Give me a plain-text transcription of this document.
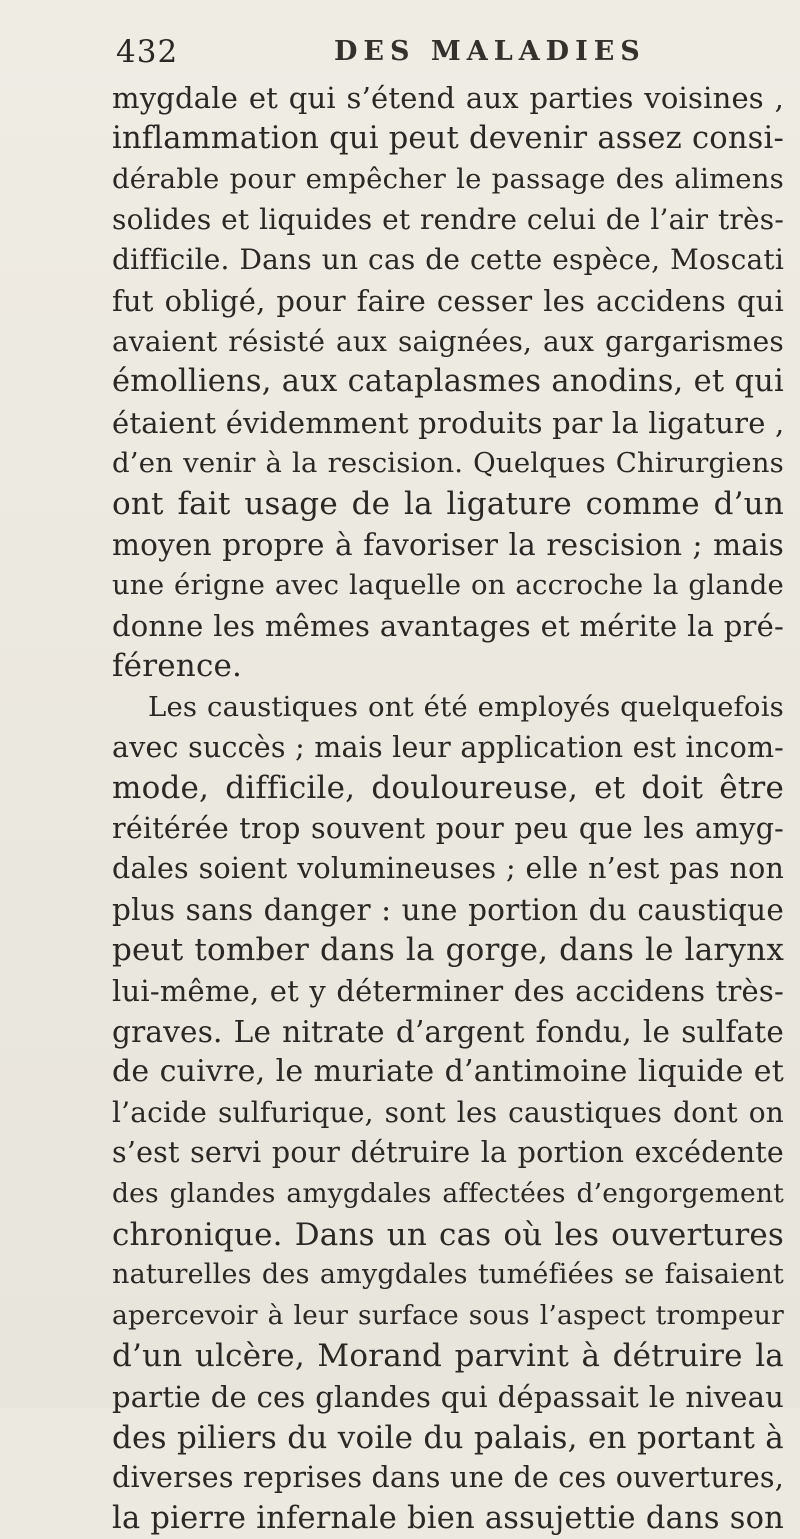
432	DES MALADIES
mygdale et qui s’étend aux parties voisines ,
inflammation qui peut devenir assez consi-
dérable pour empêcher le passage des alimens
solides et liquides et rendre celui de l’air très-
difficile. Dans un cas de cette espèce, Moscati
fut obligé, pour faire cesser les accidens qui
avaient résisté aux saignées, aux gargarismes
émolliens, aux cataplasmes anodins, et qui
étaient évidemment produits par la ligature ,
d’en venir à la rescision. Quelques Chirurgiens
ont fait usage de la ligature comme d’un
moyen propre à favoriser la rescision ; mais
une érigne avec laquelle on accroche la glande
donne les mêmes avantages et mérite la pré-
férence.
Les caustiques ont été employés quelquefois
avec succès ; mais leur application est incom-
mode, difficile, douloureuse, et doit être
réitérée trop souvent pour peu que les amyg-
dales soient volumineuses ; elle n’est pas non
plus sans danger : une portion du caustique
peut tomber dans la gorge, dans le larynx
lui-même, et y déterminer des accidens très-
graves. Le nitrate d’argent fondu, le sulfate
de cuivre, le muriate d’antimoine liquide et
l’acide sulfurique, sont les caustiques dont on
s’est servi pour détruire la portion excédente
des glandes amygdales affectées d’engorgement
chronique. Dans un cas où les ouvertures
naturelles des amygdales tuméfiées se faisaient
apercevoir à leur surface sous l’aspect trompeur
d’un ulcère, Morand parvint à détruire la
partie de ces glandes qui dépassait le niveau
des piliers du voile du palais, en portant à
diverses reprises dans une de ces ouvertures,
la pierre infernale bien assujettie dans son
